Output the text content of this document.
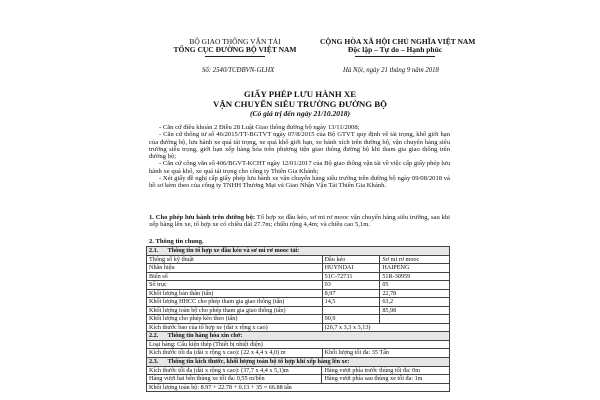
BỘ GIAO THÔNG VẬN TẢI
TỔNG CỤC ĐƯỜNG BỘ VIỆT NAM
CỘNG HÒA XÃ HỘI CHỦ NGHĨA VIỆT NAM
Độc lập – Tự do – Hạnh phúc
Số: 2540/TCĐBVN-GLHX	Hà Nội, ngày 21 tháng 9 năm 2018
GIẤY PHÉP LƯU HÀNH XE
VẬN CHUYỂN SIÊU TRƯỜNG ĐƯỜNG BỘ
(Có giá trị đến ngày 21/10.2018)

- Căn cứ điều khoản 2 Điều 28 Luật Giao thông đường bộ ngày 13/11/2008;

- Căn cứ thông tư số 46/2015/TT-BGTVT ngày 07/8/2015 của Bộ GTVT quy định về tải trọng, khổ giới hạn của đường bộ, lưu hành xe quá tải trọng, xe quá khổ giới hạn, xe bánh xích trên đường bộ, vận chuyển hàng siêu trường siêu trọng, giới hạn xếp hàng hóa trên phương tiện giao thông đường bộ khi tham gia giao thông trên đường bộ;

- Căn cứ công văn số 406/BGVT-KCHT ngày 12/01/2017 của Bộ giao thông vận tải về việc cấp giấy phép lưu hành xe quá khổ, xe quá tải trọng cho công ty Thiên Gia Khánh;

- Xét giấy đề nghị cấp giấy phép lưu hành xe vận chuyển hàng siêu trường trên đường bộ ngày 09/08/2018 và hồ sơ kèm theo của công ty TNHH Thương Mại và Giao Nhận Vận Tải Thiên Gia Khánh.

1. Cho phép lưu hành trên đường bộ: Tổ hợp xe đầu kéo, sơ mi rơ mooc vận chuyển hàng siêu trường, sau khi xếp hàng lên xe, tổ hợp xe có chiều dài 27.7m; chiều rộng 4,4m; và chiều cao 5,1m.

2. Thông tin chung.
2.1. Thông tin tổ hợp xe đầu kéo và sơ mi rơ mooc tải:		
Thông số kỹ thuật	Đầu kéo	Sơ mi rơ mooc
Nhãn hiệu	HUYNDAI	HAIPENG
Biển số	51C-72731	51R-30959
Số trục	03	05
Khối lượng bản thân (tấn)	8,97	22,78
Khối lượng HHCC cho phép tham gia giao thông (tấn)	14,5	63,2
Khối lượng toàn bộ cho phép tham gia giao thông (tấn)		85,98
Khối lượng cho phép kéo theo (tấn)	90,9	
Kích thước bao của tổ hợp xe (dài x rộng x cao)	(26,7 x 3,3 x 3,13)	
2.2. Thông tin hàng hóa xin chở:
Loại hàng: Cấu kiện thép (Thiết bị nhiệt điện)
Kích thước tối đa (dài x rộng x cao): (22 x 4,4 x 4,0) m	Khối lượng tối đa: 35 Tấn
2.3. Thông tin kích thước, khối lượng toàn bộ tổ hợp khi xếp hàng lên xe:	
Kích thước tối đa (dài x rộng x cao): (37,7 x 4,4 x 5,1)m	Hàng vượt phía trước thùng tối đa: 0m
Hàng vượt hai bên thùng xe tối đa: 0,55 m/bên	Hàng vượt phía sau thùng xe tối đa: 1m
Khối lượng toàn bộ: 8.97 + 22.78 + 0.13 + 35 = 66.88 tấn	
